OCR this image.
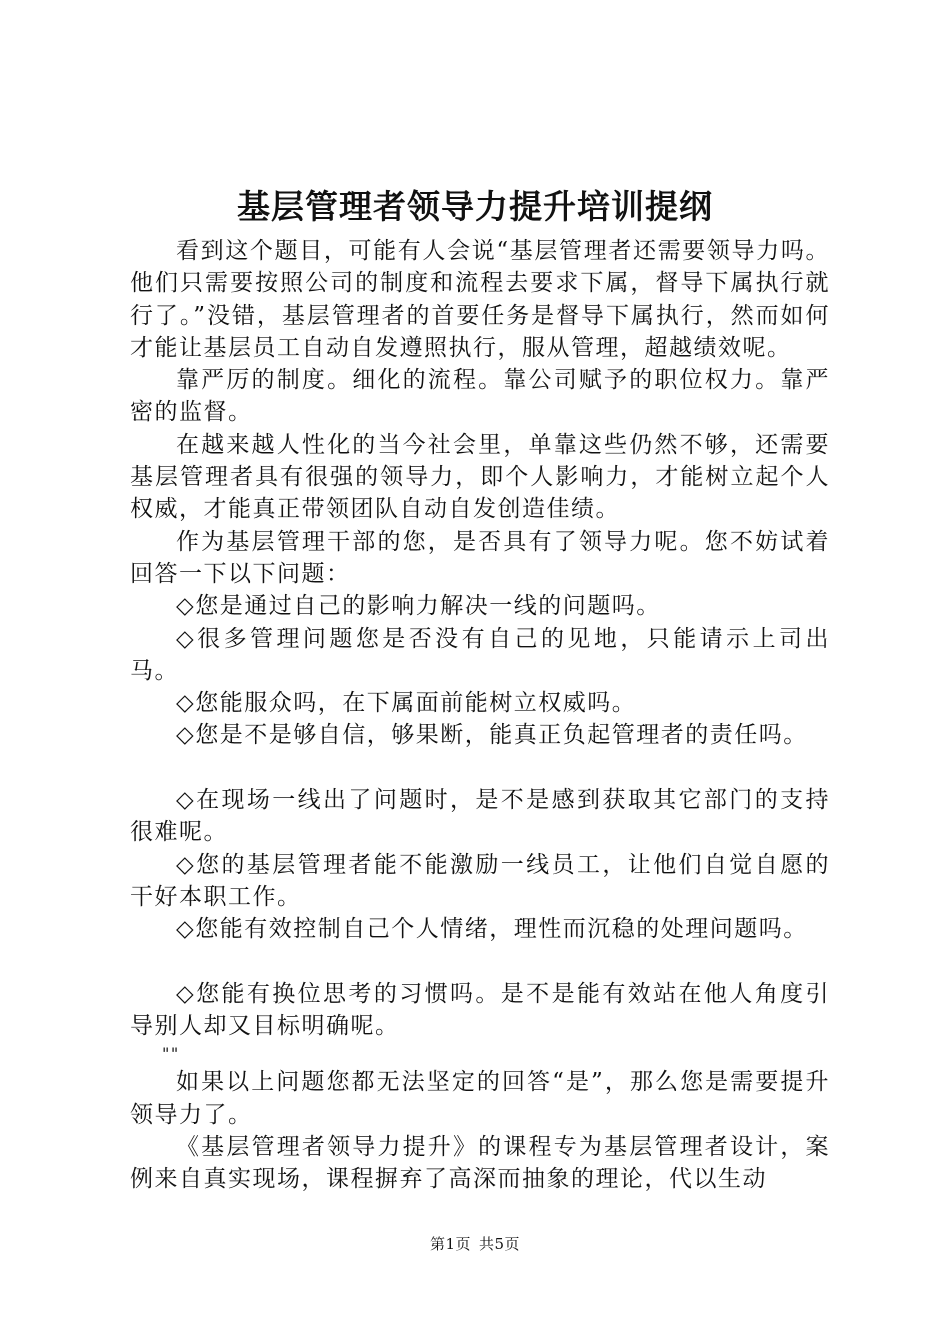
基层管理者领导力提升培训提纲

看到这个题目，可能有人会说“基层管理者还需要领导力吗。他们只需要按照公司的制度和流程去要求下属，督导下属执行就行了。”没错，基层管理者的首要任务是督导下属执行，然而如何才能让基层员工自动自发遵照执行，服从管理，超越绩效呢。

靠严厉的制度。细化的流程。靠公司赋予的职位权力。靠严密的监督。

在越来越人性化的当今社会里，单靠这些仍然不够，还需要基层管理者具有很强的领导力，即个人影响力，才能树立起个人权威，才能真正带领团队自动自发创造佳绩。

作为基层管理干部的您，是否具有了领导力呢。您不妨试着回答一下以下问题：

◇您是通过自己的影响力解决一线的问题吗。

◇很多管理问题您是否没有自己的见地，只能请示上司出马。

◇您能服众吗，在下属面前能树立权威吗。

◇您是不是够自信，够果断，能真正负起管理者的责任吗。

◇在现场一线出了问题时，是不是感到获取其它部门的支持很难呢。

◇您的基层管理者能不能激励一线员工，让他们自觉自愿的干好本职工作。

◇您能有效控制自己个人情绪，理性而沉稳的处理问题吗。

◇您能有换位思考的习惯吗。是不是能有效站在他人角度引导别人却又目标明确呢。

""

如果以上问题您都无法坚定的回答“是”，那么您是需要提升领导力了。

《基层管理者领导力提升》的课程专为基层管理者设计，案例来自真实现场，课程摒弃了高深而抽象的理论，代以生动

第1页 共5页
